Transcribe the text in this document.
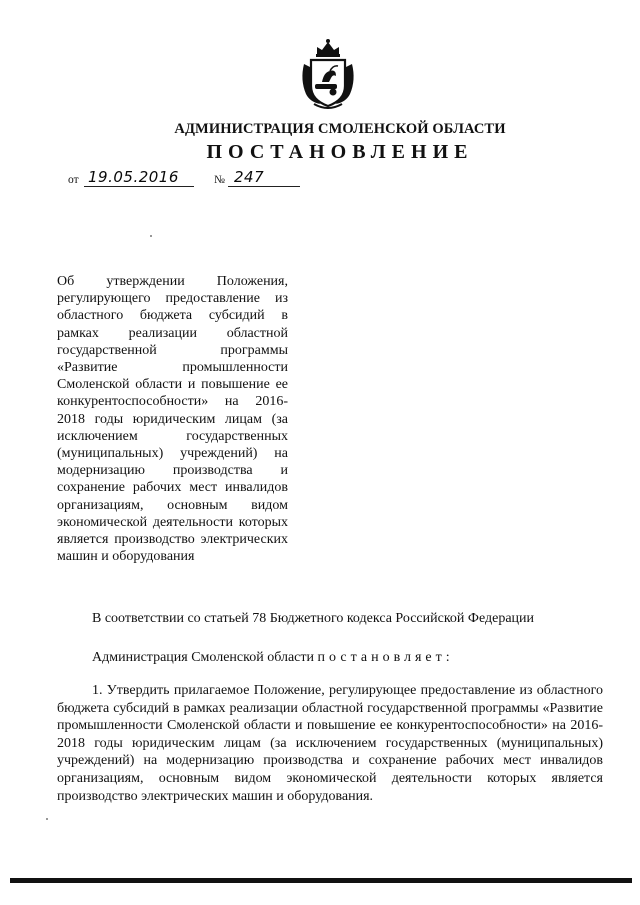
АДМИНИСТРАЦИЯ СМОЛЕНСКОЙ ОБЛАСТИ
ПОСТАНОВЛЕНИЕ
от 19.05.2016	№ 247
Об утверждении Положения, регулирующего предоставление из областного бюджета субсидий в рамках реализации областной государственной программы «Развитие промышленности Смоленской области и повышение ее конкурентоспособности» на 2016-2018 годы юридическим лицам (за исключением государственных (муниципальных) учреждений) на модернизацию производства и сохранение рабочих мест инвалидов организациям, основным видом экономической деятельности которых является производство электрических машин и оборудования
В соответствии со статьей 78 Бюджетного кодекса Российской Федерации
Администрация Смоленской области постановляет:
1. Утвердить прилагаемое Положение, регулирующее предоставление из областного бюджета субсидий в рамках реализации областной государственной программы «Развитие промышленности Смоленской области и повышение ее конкурентоспособности» на 2016-2018 годы юридическим лицам (за исключением государственных (муниципальных) учреждений) на модернизацию производства и сохранение рабочих мест инвалидов организациям, основным видом экономической деятельности которых является производство электрических машин и оборудования.
